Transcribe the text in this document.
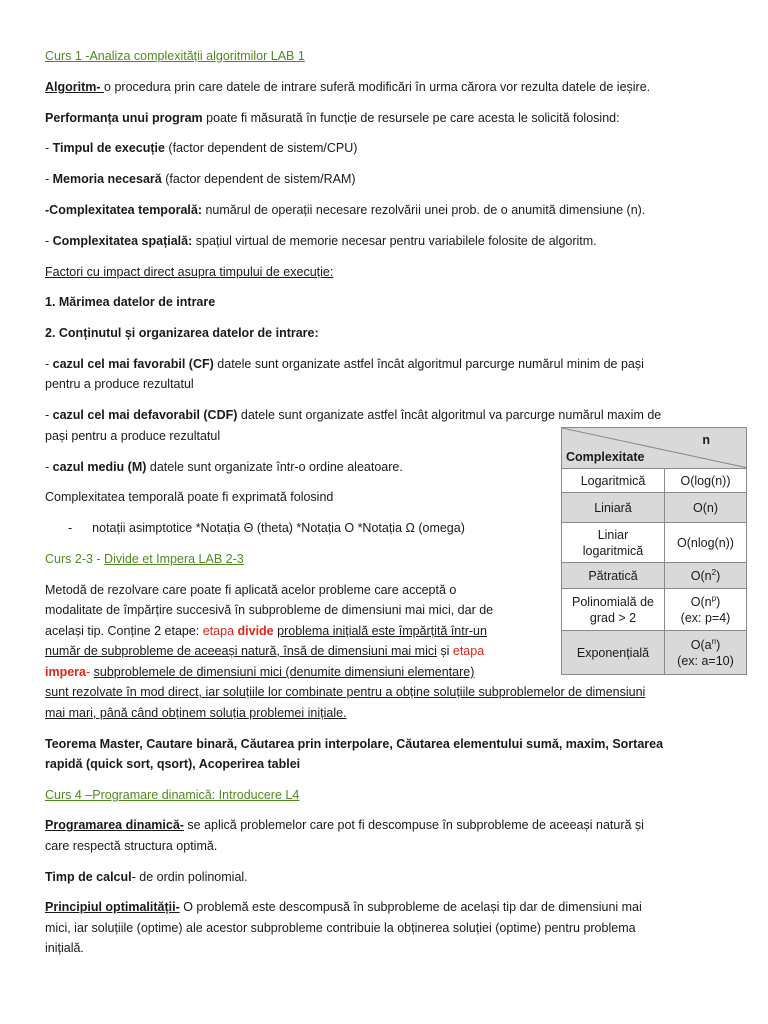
Curs 1 -Analiza complexității algoritmilor LAB 1
Algoritm- o procedura prin care datele de intrare suferă modificări în urma cărora vor rezulta datele de ieșire.
Performanța unui program poate fi măsurată în funcție de resursele pe care acesta le solicită folosind:
- Timpul de execuție (factor dependent de sistem/CPU)
- Memoria necesară (factor dependent de sistem/RAM)
-Complexitatea temporală: numărul de operații necesare rezolvării unei prob. de o anumită dimensiune (n).
- Complexitatea spațială: spațiul virtual de memorie necesar pentru variabilele folosite de algoritm.
Factori cu impact direct asupra timpului de execuție:
1. Mărimea datelor de intrare
2. Conținutul și organizarea datelor de intrare:
- cazul cel mai favorabil (CF) datele sunt organizate astfel încât algoritmul parcurge numărul minim de pași
pentru a produce rezultatul
- cazul cel mai defavorabil (CDF) datele sunt organizate astfel încât algoritmul va parcurge numărul maxim de
pași pentru a produce rezultatul
- cazul mediu (M) datele sunt organizate într-o ordine aleatoare.
Complexitatea temporală poate fi exprimată folosind
- notații asimptotice *Notația Θ (theta) *Notația O *Notația Ω (omega)
Curs 2-3 - Divide et Impera LAB 2-3
Metodă de rezolvare care poate fi aplicată acelor probleme care acceptă o
modalitate de împărțire succesivă în subprobleme de dimensiuni mai mici, dar de
același tip. Conține 2 etape: etapa divide problema inițială este împărțită într-un
număr de subprobleme de aceeași natură, însă de dimensiuni mai mici și etapa
impera- subproblemele de dimensiuni mici (denumite dimensiuni elementare)
sunt rezolvate în mod direct, iar soluțiile lor combinate pentru a obține soluțiile subproblemelor de dimensiuni
mai mari, până când obținem soluția problemei inițiale.
Teorema Master, Cautare binară, Căutarea prin interpolare, Căutarea elementului sumă, maxim, Sortarea
rapidă (quick sort, qsort), Acoperirea tablei
Curs 4 –Programare dinamică: Introducere L4
Programarea dinamică- se aplică problemelor care pot fi descompuse în subprobleme de aceeași natură și
care respectă structura optimă.
Timp de calcul- de ordin polinomial.
Principiul optimalității- O problemă este descompusă în subprobleme de același tip dar de dimensiuni mai
mici, iar soluțiile (optime) ale acestor subprobleme contribuie la obținerea soluției (optime) pentru problema
inițială.
n
Complexitate	

Logaritmică	O(log(n))
Liniară	O(n)
Liniar
logaritmică	O(nlog(n))
Pătratică	$O(n^2)$
Polinomială de
grad > 2	$O(n^p)$
(ex: p=4)
Exponențială	$O(a^n)$
(ex: a=10)
